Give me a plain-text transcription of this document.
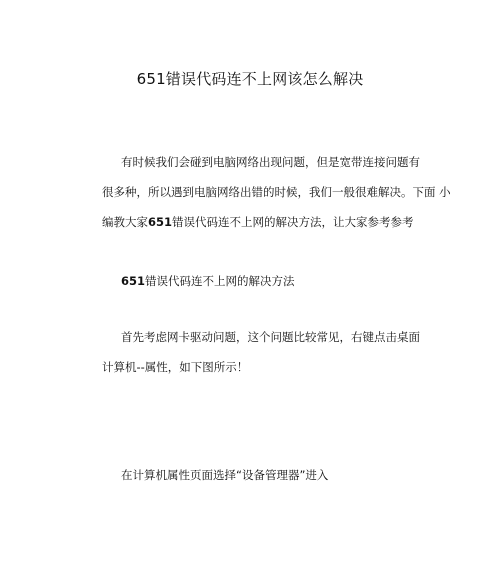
651错误代码连不上网该怎么解决

有时候我们会碰到电脑网络出现问题，但是宽带连接问题有
很多种，所以遇到电脑网络出错的时候，我们一般很难解决。下面 小
编教大家651错误代码连不上网的解决方法，让大家参考参考

651错误代码连不上网的解决方法

首先考虑网卡驱动问题，这个问题比较常见，右键点击桌面
计算机--属性，如下图所示！

在计算机属性页面选择“设备管理器”进入
